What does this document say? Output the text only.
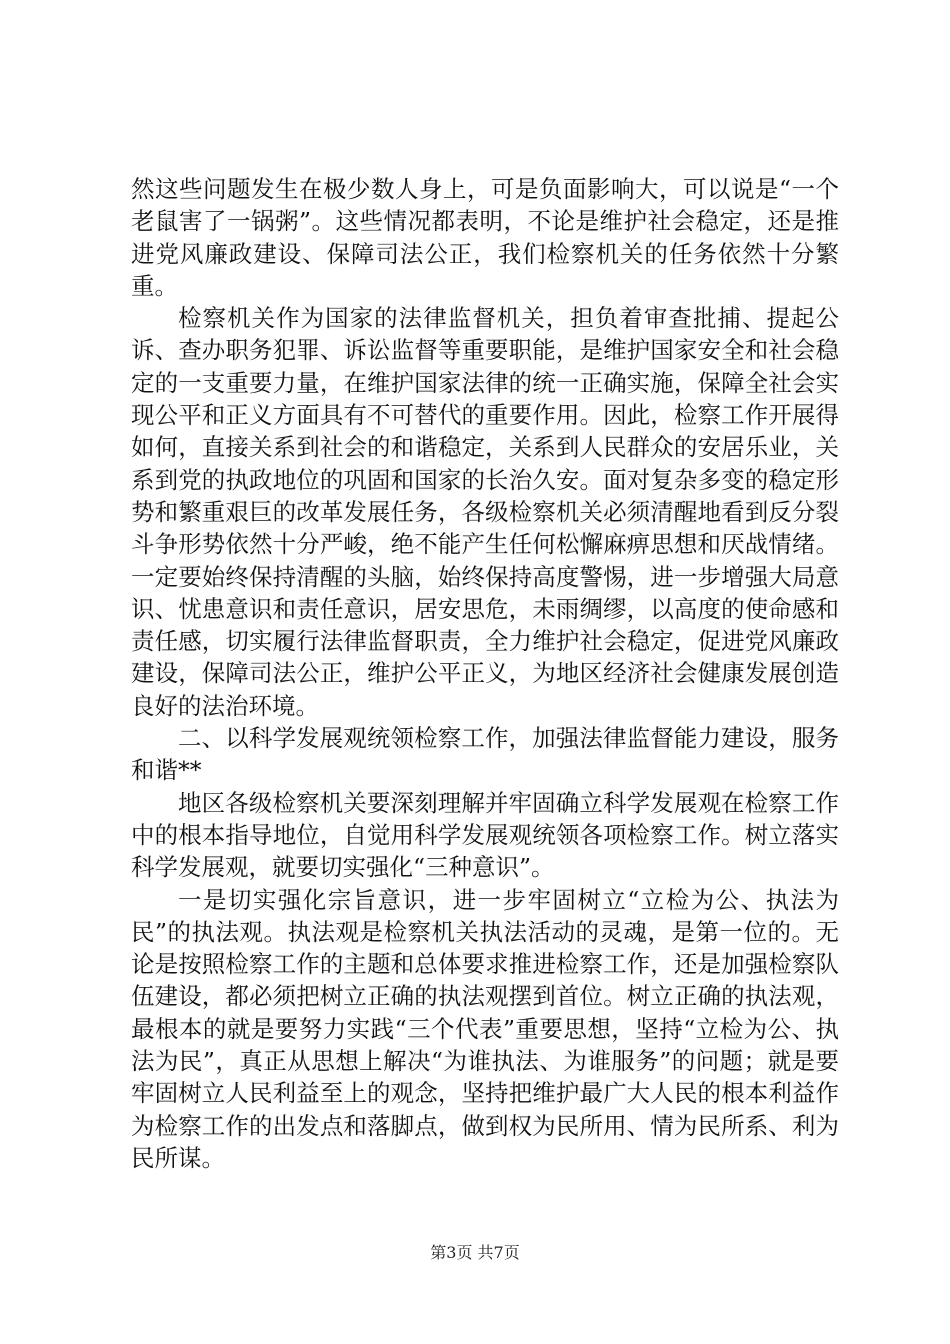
然这些问题发生在极少数人身上，可是负面影响大，可以说是“一个老鼠害了一锅粥”。这些情况都表明，不论是维护社会稳定，还是推进党风廉政建设、保障司法公正，我们检察机关的任务依然十分繁重。

检察机关作为国家的法律监督机关，担负着审查批捕、提起公诉、查办职务犯罪、诉讼监督等重要职能，是维护国家安全和社会稳定的一支重要力量，在维护国家法律的统一正确实施，保障全社会实现公平和正义方面具有不可替代的重要作用。因此，检察工作开展得如何，直接关系到社会的和谐稳定，关系到人民群众的安居乐业，关系到党的执政地位的巩固和国家的长治久安。面对复杂多变的稳定形势和繁重艰巨的改革发展任务，各级检察机关必须清醒地看到反分裂斗争形势依然十分严峻，绝不能产生任何松懈麻痹思想和厌战情绪。一定要始终保持清醒的头脑，始终保持高度警惕，进一步增强大局意识、忧患意识和责任意识，居安思危，未雨绸缪，以高度的使命感和责任感，切实履行法律监督职责，全力维护社会稳定，促进党风廉政建设，保障司法公正，维护公平正义，为地区经济社会健康发展创造良好的法治环境。

二、以科学发展观统领检察工作，加强法律监督能力建设，服务和谐**

地区各级检察机关要深刻理解并牢固确立科学发展观在检察工作中的根本指导地位，自觉用科学发展观统领各项检察工作。树立落实科学发展观，就要切实强化“三种意识”。

一是切实强化宗旨意识，进一步牢固树立“立检为公、执法为民”的执法观。执法观是检察机关执法活动的灵魂，是第一位的。无论是按照检察工作的主题和总体要求推进检察工作，还是加强检察队伍建设，都必须把树立正确的执法观摆到首位。树立正确的执法观，最根本的就是要努力实践“三个代表”重要思想，坚持“立检为公、执法为民”，真正从思想上解决“为谁执法、为谁服务”的问题；就是要牢固树立人民利益至上的观念，坚持把维护最广大人民的根本利益作为检察工作的出发点和落脚点，做到权为民所用、情为民所系、利为民所谋。

第3页 共7页
